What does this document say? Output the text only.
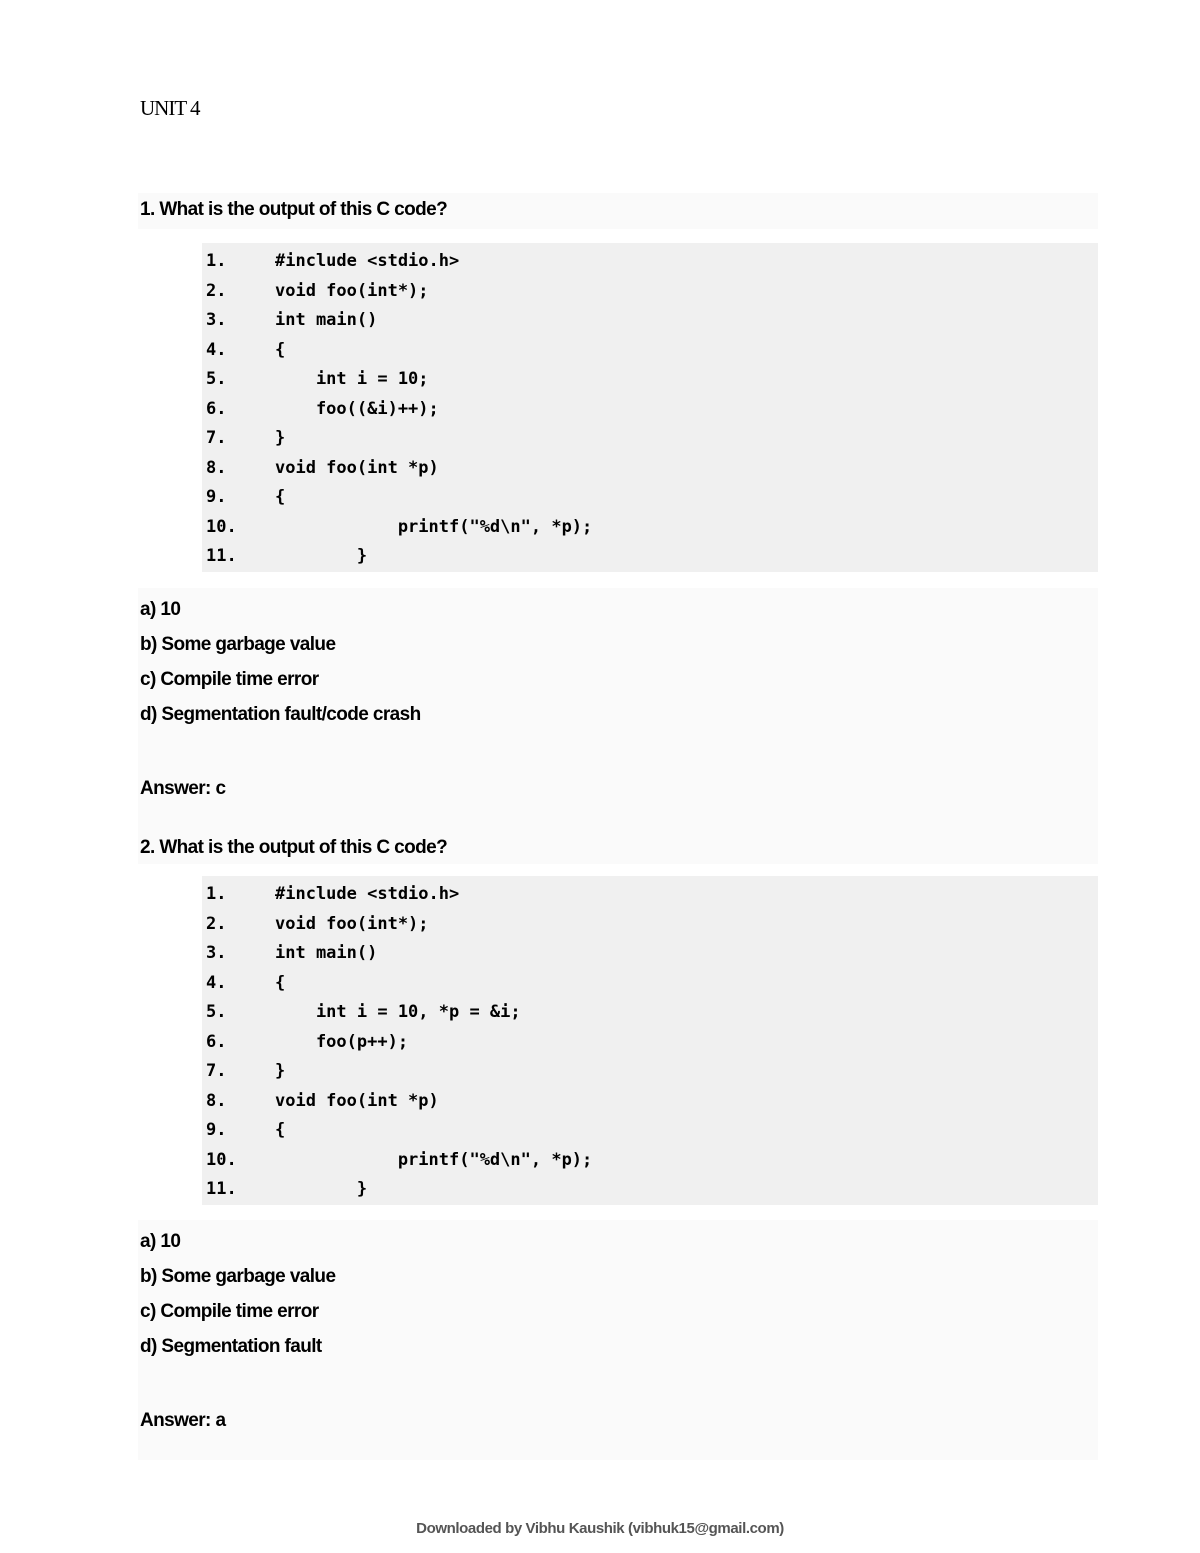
UNIT 4
1. What is the output of this C code?
1.	#include <stdio.h>
2.	void foo(int*);
3.	int main()
4.	{
5.	int i = 10;
6.	foo((&i)++);
7.	}
8.	void foo(int *p)
9.	{
10. printf("%d\n", *p);
11. }
a) 10
b) Some garbage value
c) Compile time error
d) Segmentation fault/code crash
Answer: c
2. What is the output of this C code?
1.	#include <stdio.h>
2.	void foo(int*);
3.	int main()
4.	{
5.	int i = 10, *p = &i;
6.	foo(p++);
7.	}
8.	void foo(int *p)
9.	{
10. printf("%d\n", *p);
11. }
a) 10
b) Some garbage value
c) Compile time error
d) Segmentation fault
Answer: a
Downloaded by Vibhu Kaushik (vibhuk15@gmail.com)
